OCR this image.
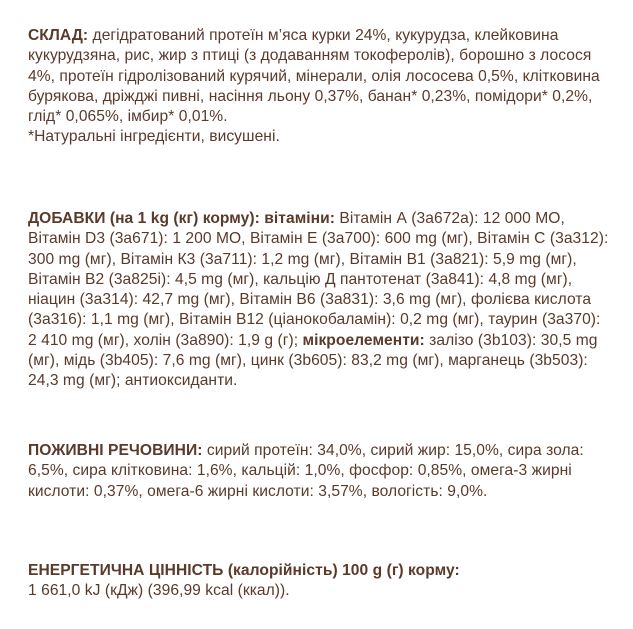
СКЛАД: дегідратований протеїн м’яса курки 24%, кукурудза, клейковина кукурудзяна, рис, жир з птиці (з додаванням токоферолів), борошно з лосося 4%, протеїн гідролізований курячий, мінерали, олія лососева 0,5%, клітковина бурякова, дріжджі пивні, насіння льону 0,37%, банан* 0,23%, помідори* 0,2%, глід* 0,065%, імбир* 0,01%.
*Натуральні інгредієнти, висушені.
ДОБАВКИ (на 1 kg (кг) корму): вітаміни: Вітамін А (3а672а): 12 000 МО, Вітамін D3 (3а671): 1 200 МО, Вітамін Е (3а700): 600 mg (мг), Вітамін С (3а312): 300 mg (мг), Вітамін К3 (3а711): 1,2 mg (мг), Вітамін В1 (3а821): 5,9 mg (мг), Вітамін В2 (3а825і): 4,5 mg (мг), кальцію Д пантотенат (3а841): 4,8 mg (мг), ніацин (3а314): 42,7 mg (мг), Вітамін В6 (3а831): 3,6 mg (мг), фолієва кислота (3а316): 1,1 mg (мг), Вітамін В12 (ціанокобаламін): 0,2 mg (мг), таурин (3а370): 2 410 mg (мг), холін (3а890): 1,9 g (г); мікроелементи: залізо (3b103): 30,5 mg (мг), мідь (3b405): 7,6 mg (мг), цинк (3b605): 83,2 mg (мг), марганець (3b503): 24,3 mg (мг); антиоксиданти.
ПОЖИВНІ РЕЧОВИНИ: сирий протеїн: 34,0%, сирий жир: 15,0%, сира зола: 6,5%, сира клітковина: 1,6%, кальцій: 1,0%, фосфор: 0,85%, омега-3 жирні кислоти: 0,37%, омега-6 жирні кислоти: 3,57%, вологість: 9,0%.
ЕНЕРГЕТИЧНА ЦІННІСТЬ (калорійність) 100 g (г) корму:
1 661,0 kJ (кДж) (396,99 kcal (ккал)).
